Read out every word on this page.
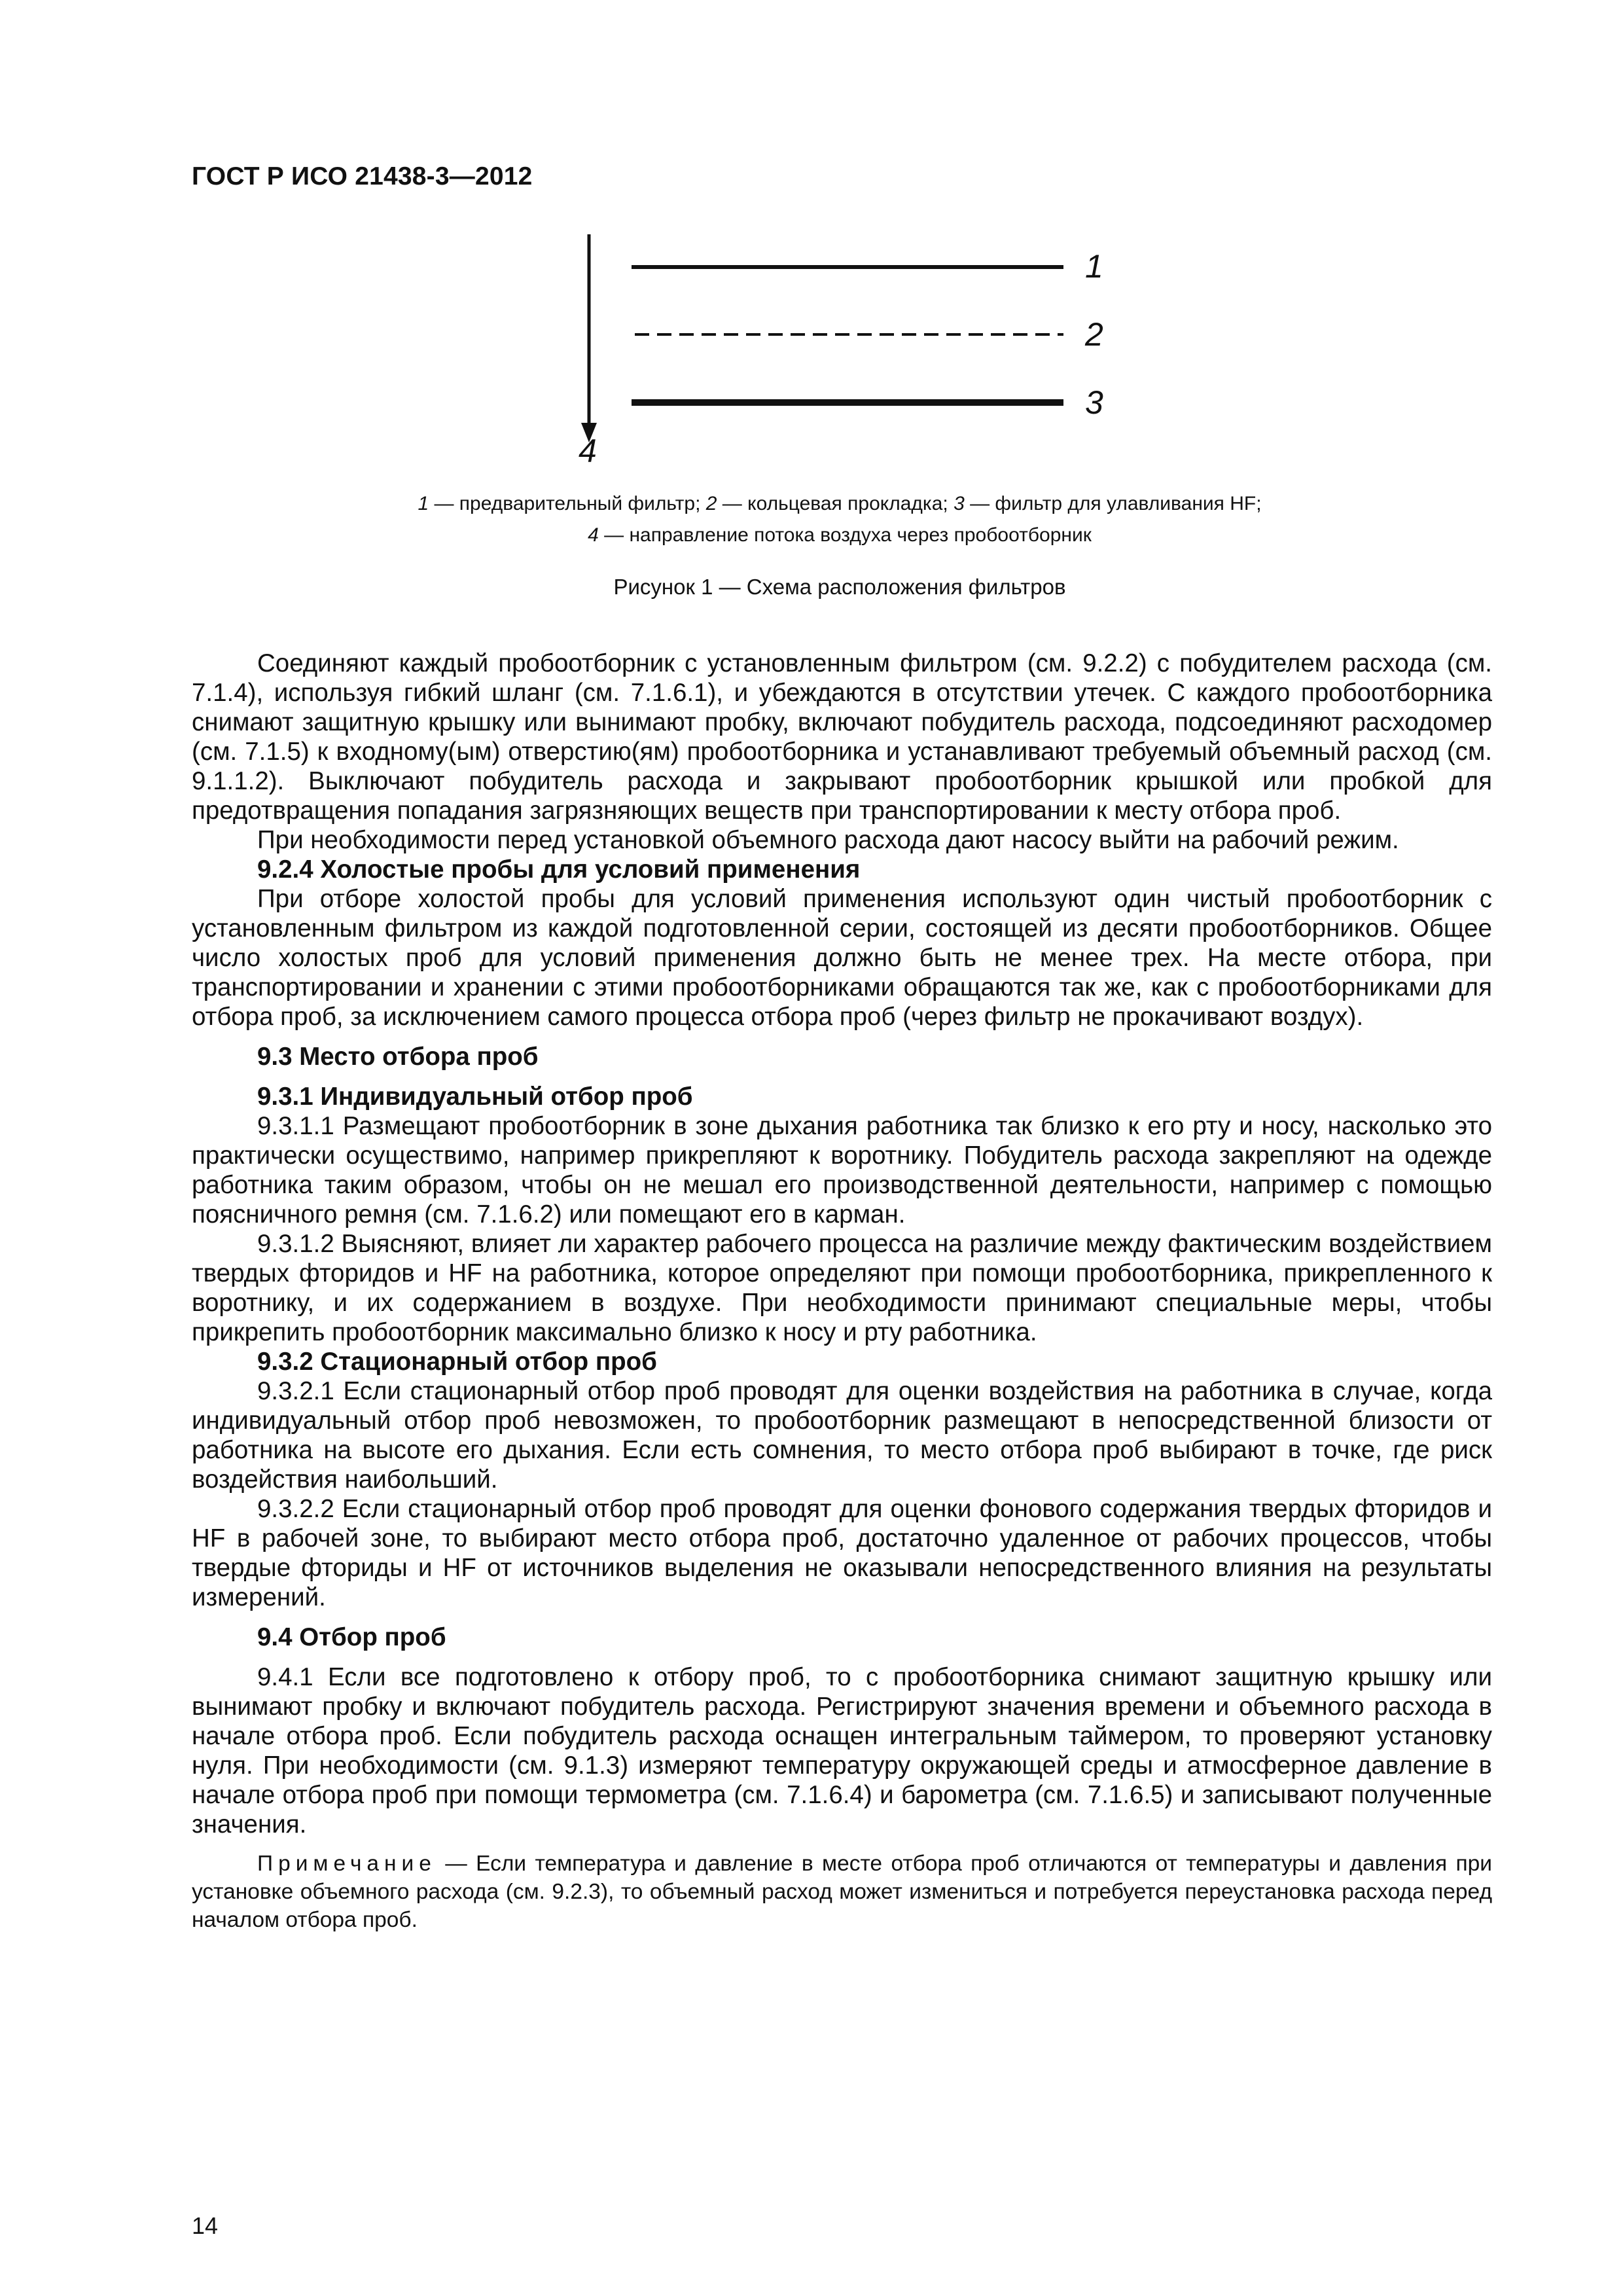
ГОСТ Р ИСО 21438-3—2012
1
2
3
4
1 — предварительный фильтр; 2 — кольцевая прокладка; 3 — фильтр для улавливания HF;
4 — направление потока воздуха через пробоотборник
Рисунок 1 — Схема расположения фильтров

Соединяют каждый пробоотборник с установленным фильтром (см. 9.2.2) с побудителем расхода (см. 7.1.4), используя гибкий шланг (см. 7.1.6.1), и убеждаются в отсутствии утечек. С каждого пробоотборника снимают защитную крышку или вынимают пробку, включают побудитель расхода, подсоединяют расходомер (см. 7.1.5) к входному(ым) отверстию(ям) пробоотборника и устанавливают требуемый объемный расход (см. 9.1.1.2). Выключают побудитель расхода и закрывают пробоотборник крышкой или пробкой для предотвращения попадания загрязняющих веществ при транспортировании к месту отбора проб.

При необходимости перед установкой объемного расхода дают насосу выйти на рабочий режим.

9.2.4 Холостые пробы для условий применения

При отборе холостой пробы для условий применения используют один чистый пробоотборник с установленным фильтром из каждой подготовленной серии, состоящей из десяти пробоотборников. Общее число холостых проб для условий применения должно быть не менее трех. На месте отбора, при транспортировании и хранении с этими пробоотборниками обращаются так же, как с пробоотборниками для отбора проб, за исключением самого процесса отбора проб (через фильтр не прокачивают воздух).

9.3 Место отбора проб
9.3.1 Индивидуальный отбор проб

9.3.1.1 Размещают пробоотборник в зоне дыхания работника так близко к его рту и носу, насколько это практически осуществимо, например прикрепляют к воротнику. Побудитель расхода закрепляют на одежде работника таким образом, чтобы он не мешал его производственной деятельности, например с помощью поясничного ремня (см. 7.1.6.2) или помещают его в карман.

9.3.1.2 Выясняют, влияет ли характер рабочего процесса на различие между фактическим воздействием твердых фторидов и HF на работника, которое определяют при помощи пробоотборника, прикрепленного к воротнику, и их содержанием в воздухе. При необходимости принимают специальные меры, чтобы прикрепить пробоотборник максимально близко к носу и рту работника.

9.3.2 Стационарный отбор проб

9.3.2.1 Если стационарный отбор проб проводят для оценки воздействия на работника в случае, когда индивидуальный отбор проб невозможен, то пробоотборник размещают в непосредственной близости от работника на высоте его дыхания. Если есть сомнения, то место отбора проб выбирают в точке, где риск воздействия наибольший.

9.3.2.2 Если стационарный отбор проб проводят для оценки фонового содержания твердых фторидов и HF в рабочей зоне, то выбирают место отбора проб, достаточно удаленное от рабочих процессов, чтобы твердые фториды и HF от источников выделения не оказывали непосредственного влияния на результаты измерений.

9.4 Отбор проб

9.4.1 Если все подготовлено к отбору проб, то с пробоотборника снимают защитную крышку или вынимают пробку и включают побудитель расхода. Регистрируют значения времени и объемного расхода в начале отбора проб. Если побудитель расхода оснащен интегральным таймером, то проверяют установку нуля. При необходимости (см. 9.1.3) измеряют температуру окружающей среды и атмосферное давление в начале отбора проб при помощи термометра (см. 7.1.6.4) и барометра (см. 7.1.6.5) и записывают полученные значения.

Примечание — Если температура и давление в месте отбора проб отличаются от температуры и давления при установке объемного расхода (см. 9.2.3), то объемный расход может измениться и потребуется переустановка расхода перед началом отбора проб.

14
